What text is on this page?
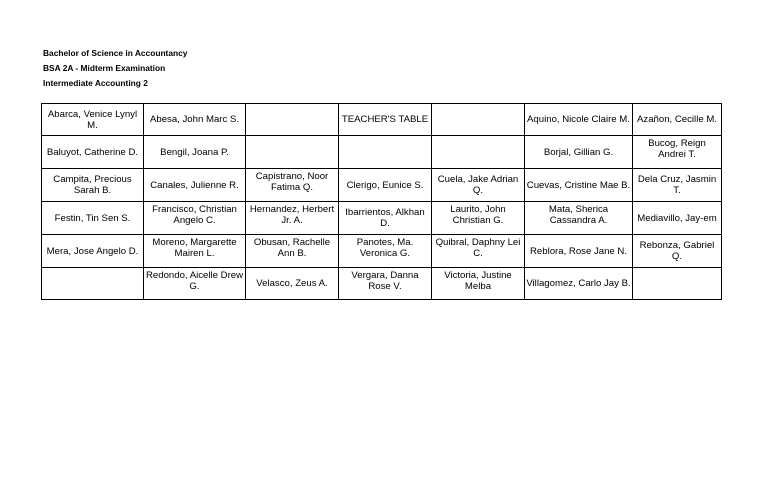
Bachelor of Science in Accountancy
BSA 2A - Midterm Examination
Intermediate Accounting 2
Abarca, Venice Lynyl M.	Abesa, John Marc S.		TEACHER'S TABLE		Aquino, Nicole Claire M.	Azañon, Cecille M.
Baluyot, Catherine D.	Bengil, Joana P.				Borjal, Gillian G.	Bucog, Reign Andrei T.
Campita, Precious Sarah B.	Canales, Julienne R.	Capistrano, Noor Fatima Q.	Clerigo, Eunice S.	Cuela, Jake Adrian Q.	Cuevas, Cristine Mae B.	Dela Cruz, Jasmin T.
Festin, Tin Sen S.	Francisco, Christian Angelo C.	Hernandez, Herbert Jr. A.	Ibarrientos, Alkhan D.	Laurito, John Christian G.	Mata, Sherica Cassandra A.	Mediavillo, Jay-em
Mera, Jose Angelo D.	Moreno, Margarette Mairen L.	Obusan, Rachelle Ann B.	Panotes, Ma. Veronica G.	Quibral, Daphny Lei C.	Reblora, Rose Jane N.	Rebonza, Gabriel Q.
	Redondo, Aicelle Drew G.	Velasco, Zeus A.	Vergara, Danna Rose V.	Victoria, Justine Melba	Villagomez, Carlo Jay B.	
